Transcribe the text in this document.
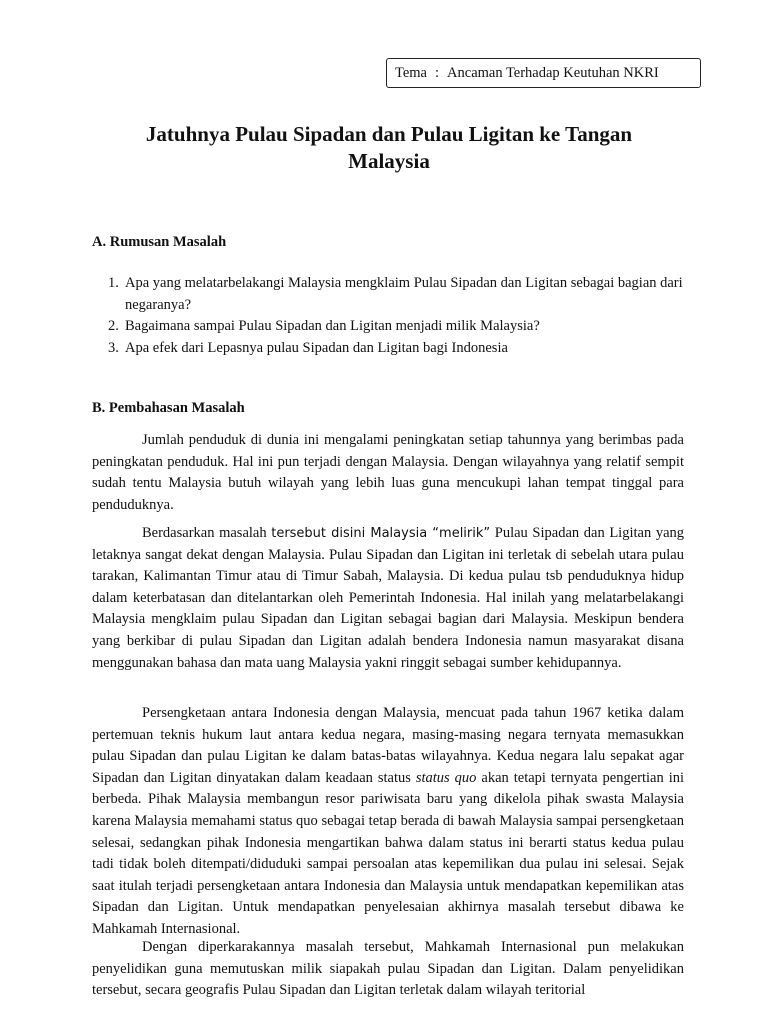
Tema : Ancaman Terhadap Keutuhan NKRI
Jatuhnya Pulau Sipadan dan Pulau Ligitan ke Tangan
Malaysia
A. Rumusan Masalah
1. Apa yang melatarbelakangi Malaysia mengklaim Pulau Sipadan dan Ligitan sebagai bagian dari negaranya?
2. Bagaimana sampai Pulau Sipadan dan Ligitan menjadi milik Malaysia?
3. Apa efek dari Lepasnya pulau Sipadan dan Ligitan bagi Indonesia
B. Pembahasan Masalah

Jumlah penduduk di dunia ini mengalami peningkatan setiap tahunnya yang berimbas pada peningkatan penduduk. Hal ini pun terjadi dengan Malaysia. Dengan wilayahnya yang relatif sempit sudah tentu Malaysia butuh wilayah yang lebih luas guna mencukupi lahan tempat tinggal para penduduknya.

Berdasarkan masalah tersebut disini Malaysia “melirik” Pulau Sipadan dan Ligitan yang letaknya sangat dekat dengan Malaysia. Pulau Sipadan dan Ligitan ini terletak di sebelah utara pulau tarakan, Kalimantan Timur atau di Timur Sabah, Malaysia. Di kedua pulau tsb penduduknya hidup dalam keterbatasan dan ditelantarkan oleh Pemerintah Indonesia. Hal inilah yang melatarbelakangi Malaysia mengklaim pulau Sipadan dan Ligitan sebagai bagian dari Malaysia. Meskipun bendera yang berkibar di pulau Sipadan dan Ligitan adalah bendera Indonesia namun masyarakat disana menggunakan bahasa dan mata uang Malaysia yakni ringgit sebagai sumber kehidupannya.

Persengketaan antara Indonesia dengan Malaysia, mencuat pada tahun 1967 ketika dalam pertemuan teknis hukum laut antara kedua negara, masing-masing negara ternyata memasukkan pulau Sipadan dan pulau Ligitan ke dalam batas-batas wilayahnya. Kedua negara lalu sepakat agar Sipadan dan Ligitan dinyatakan dalam keadaan status status quo akan tetapi ternyata pengertian ini berbeda. Pihak Malaysia membangun resor pariwisata baru yang dikelola pihak swasta Malaysia karena Malaysia memahami status quo sebagai tetap berada di bawah Malaysia sampai persengketaan selesai, sedangkan pihak Indonesia mengartikan bahwa dalam status ini berarti status kedua pulau tadi tidak boleh ditempati/diduduki sampai persoalan atas kepemilikan dua pulau ini selesai. Sejak saat itulah terjadi persengketaan antara Indonesia dan Malaysia untuk mendapatkan kepemilikan atas Sipadan dan Ligitan. Untuk mendapatkan penyelesaian akhirnya masalah tersebut dibawa ke Mahkamah Internasional.

Dengan diperkarakannya masalah tersebut, Mahkamah Internasional pun melakukan penyelidikan guna memutuskan milik siapakah pulau Sipadan dan Ligitan. Dalam penyelidikan tersebut, secara geografis Pulau Sipadan dan Ligitan terletak dalam wilayah teritorial
